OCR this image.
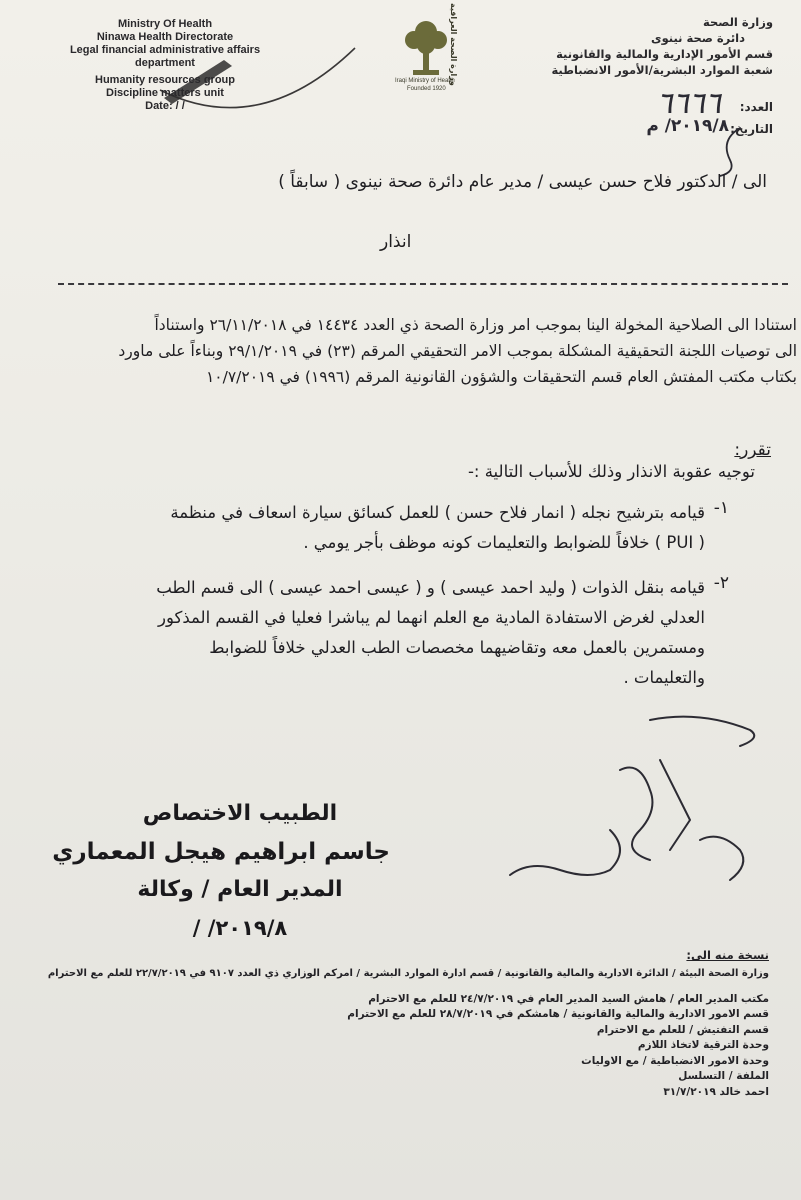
Ministry Of Health
Ninawa Health Directorate
Legal financial administrative affairs
department
Humanity resources group
Discipline matters unit
Date: / /
وزارة الصحة العراقية
Iraqi Ministry of Health
Founded 1920
وزارة الصحة
دائرة صحة نينوى
قسم الأمور الإدارية والمالية والقانونية
شعبة الموارد البشرية/الأمور الانضباطية
العدد:
٦٦٦٦
التاريخ:
٢٠١٩/٨/ م
الى / الدكتور فلاح حسن عيسى / مدير عام دائرة صحة نينوى ( سابقاً )
انذار
استنادا الى الصلاحية المخولة الينا بموجب امر وزارة الصحة ذي العدد ١٤٤٣٤ في ٢٦/١١/٢٠١٨ واستناداً
الى توصيات اللجنة التحقيقية المشكلة بموجب الامر التحقيقي المرقم (٢٣) في ٢٩/١/٢٠١٩ وبناءاً على ماورد
بكتاب مكتب المفتش العام قسم التحقيقات والشؤون القانونية المرقم (١٩٩٦) في ١٠/٧/٢٠١٩
تقرر:
توجيه عقوبة الانذار وذلك للأسباب التالية :-
١-
قيامه بترشيح نجله ( انمار فلاح حسن ) للعمل كسائق سيارة اسعاف في منظمة
( PUI ) خلافاً للضوابط والتعليمات كونه موظف بأجر يومي .
٢-
قيامه بنقل الذوات ( وليد احمد عيسى ) و ( عيسى احمد عيسى ) الى قسم الطب
العدلي لغرض الاستفادة المادية مع العلم انهما لم يباشرا فعليا في القسم المذكور
ومستمرين بالعمل معه وتقاضيهما مخصصات الطب العدلي خلافاً للضوابط
والتعليمات .
الطبيب الاختصاص
جاسم ابراهيم هيجل المعماري
المدير العام / وكالة
٢٠١٩/٨/ /
نسخة منه الى:
وزارة الصحة البيئة / الدائرة الادارية والمالية والقانونية / قسم ادارة الموارد البشرية / امركم الوزاري ذي العدد ٩١٠٧ في ٢٢/٧/٢٠١٩ للعلم مع الاحترام
مكتب المدير العام / هامش السيد المدير العام في ٢٤/٧/٢٠١٩ للعلم مع الاحترام
قسم الامور الادارية والمالية والقانونية / هامشكم في ٢٨/٧/٢٠١٩ للعلم مع الاحترام
قسم التفتيش / للعلم مع الاحترام
وحدة الترقية لاتخاذ اللازم
وحدة الامور الانضباطية / مع الاوليات
الملفة / التسلسل
احمد خالد ٣١/٧/٢٠١٩
